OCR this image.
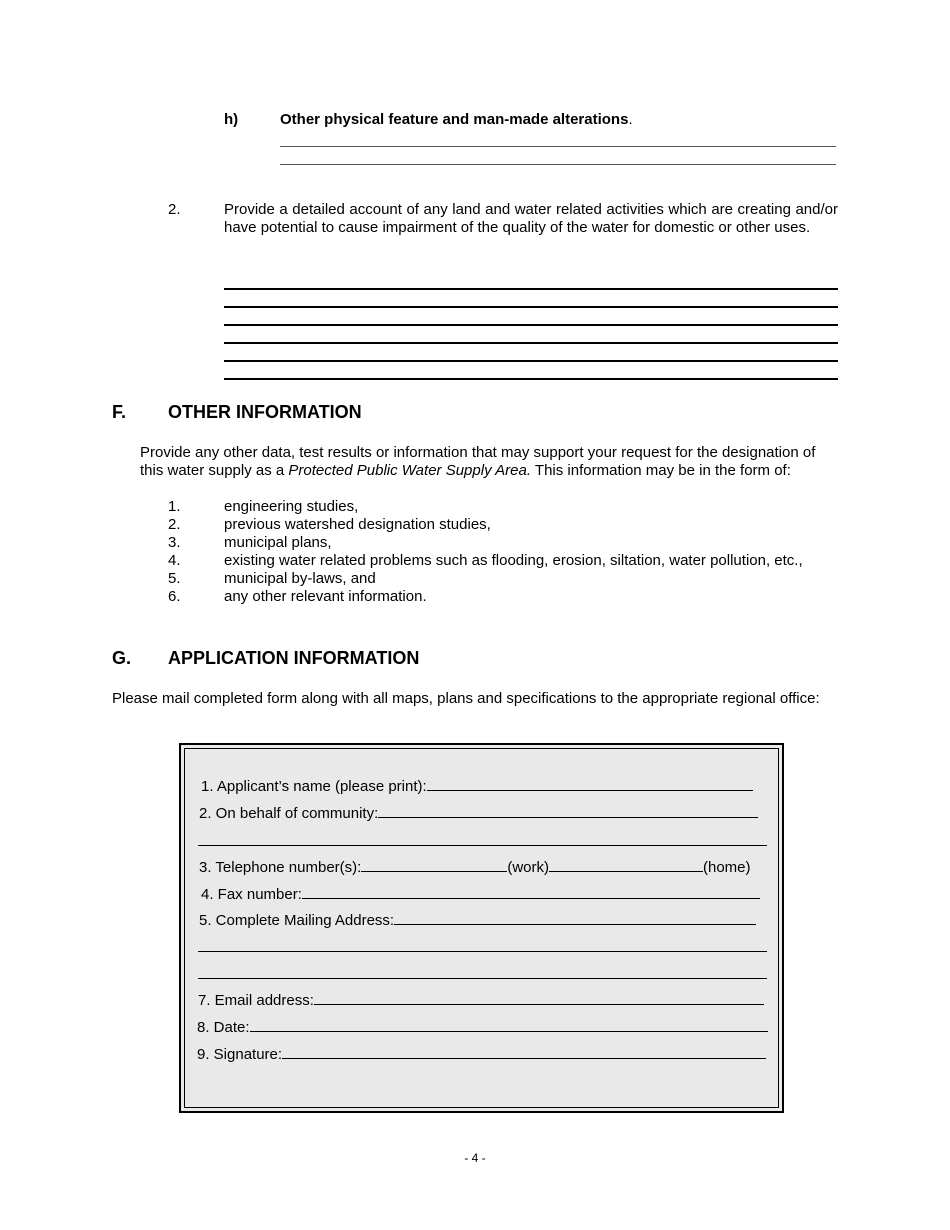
h)	Other physical feature and man-made alterations.
2.	Provide a detailed account of any land and water related activities which are creating and/or have potential to cause impairment of the quality of the water for domestic or other uses.
F. OTHER INFORMATION
Provide any other data, test results or information that may support your request for the designation of this water supply as a Protected Public Water Supply Area. This information may be in the form of:
1.	engineering studies,
2.	previous watershed designation studies,
3.	municipal plans,
4.	existing water related problems such as flooding, erosion, siltation, water pollution, etc.,
5.	municipal by-laws, and
6.	any other relevant information.
G. APPLICATION INFORMATION
Please mail completed form along with all maps, plans and specifications to the appropriate regional office:
1. Applicant’s name (please print):
2. On behalf of community:
3. Telephone number(s):	(work)	(home)
4. Fax number:
5. Complete Mailing Address:
7. Email address:
8. Date:
9. Signature:
- 4 -
